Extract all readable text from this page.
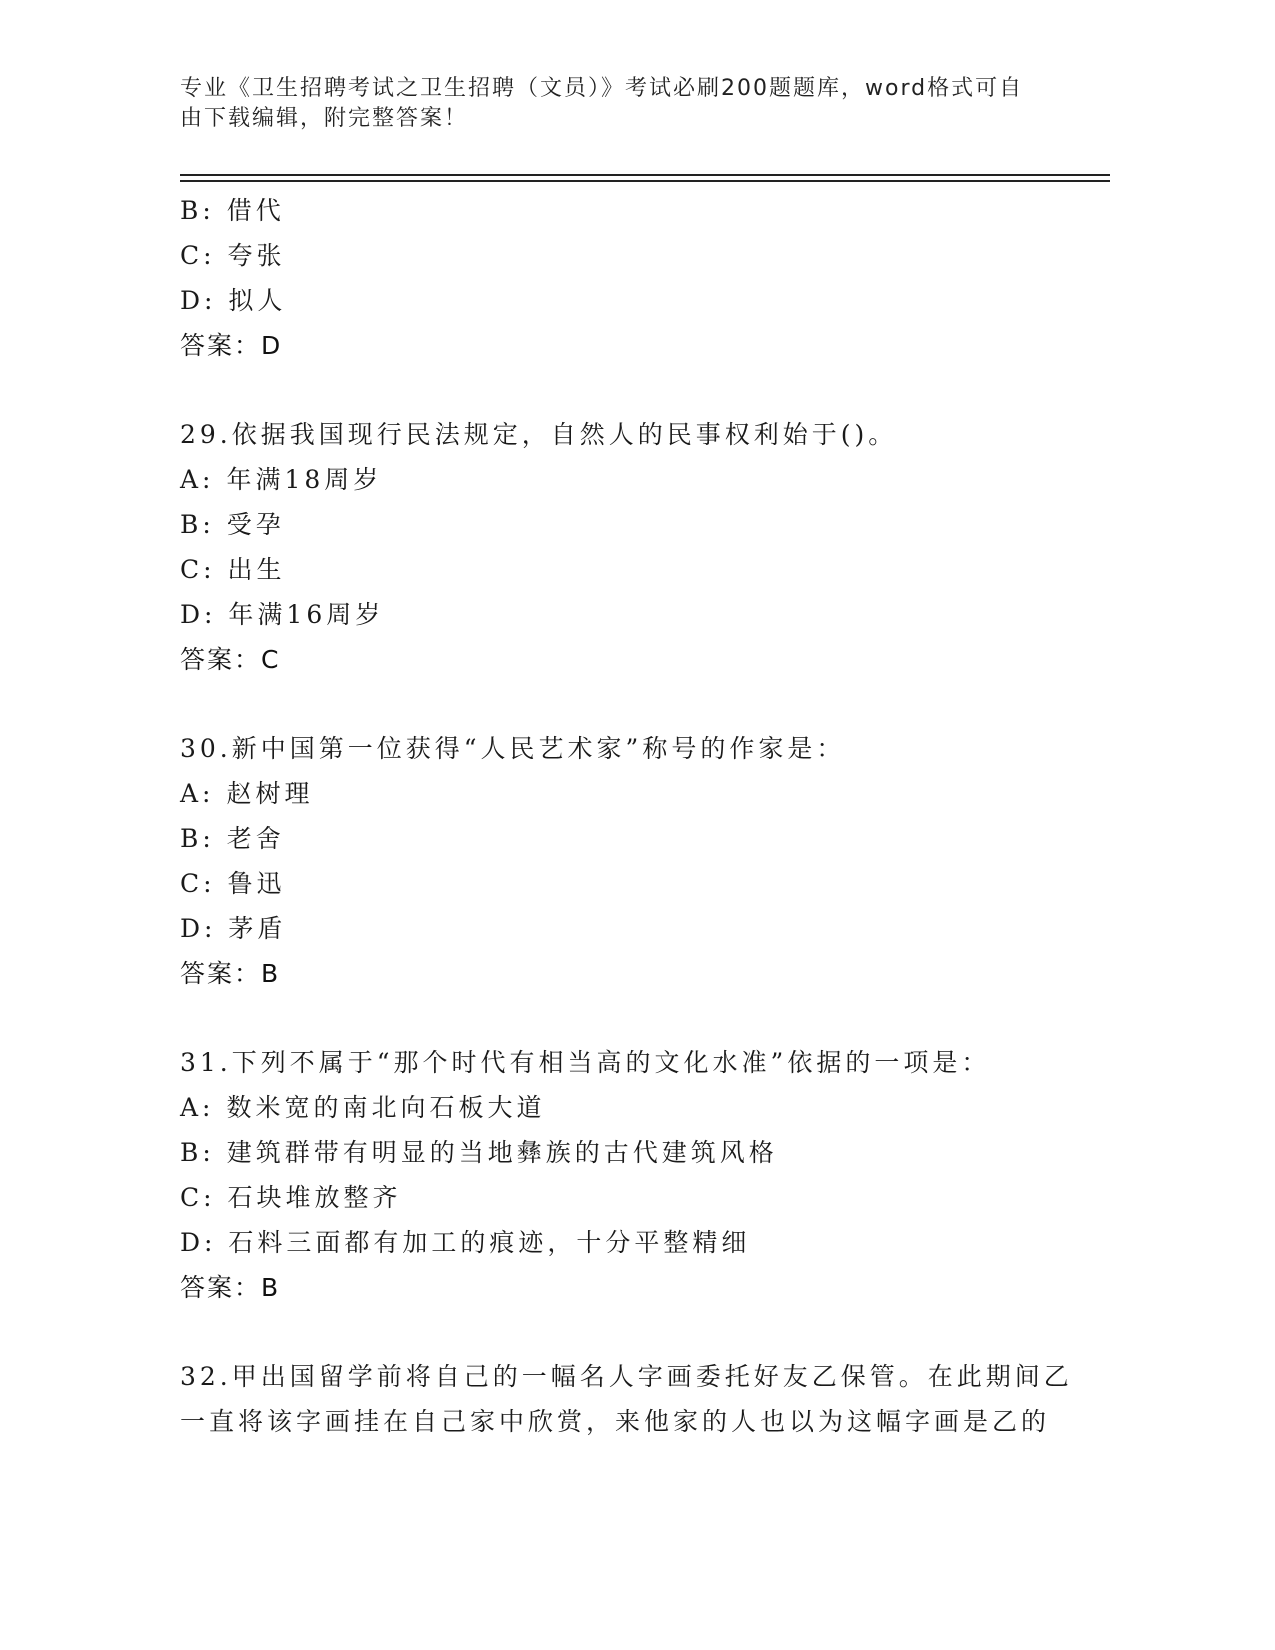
专业《卫生招聘考试之卫生招聘（文员）》考试必刷200题题库，word格式可自
由下载编辑，附完整答案！
B: 借代
C: 夸张
D: 拟人
答案：D
29.依据我国现行民法规定，自然人的民事权利始于()。
A: 年满18周岁
B: 受孕
C: 出生
D: 年满16周岁
答案：C
30.新中国第一位获得“人民艺术家”称号的作家是：
A: 赵树理
B: 老舍
C: 鲁迅
D: 茅盾
答案：B
31.下列不属于“那个时代有相当高的文化水准”依据的一项是：
A: 数米宽的南北向石板大道
B: 建筑群带有明显的当地彝族的古代建筑风格
C: 石块堆放整齐
D: 石料三面都有加工的痕迹，十分平整精细
答案：B
32.甲出国留学前将自己的一幅名人字画委托好友乙保管。在此期间乙
一直将该字画挂在自己家中欣赏，来他家的人也以为这幅字画是乙的
